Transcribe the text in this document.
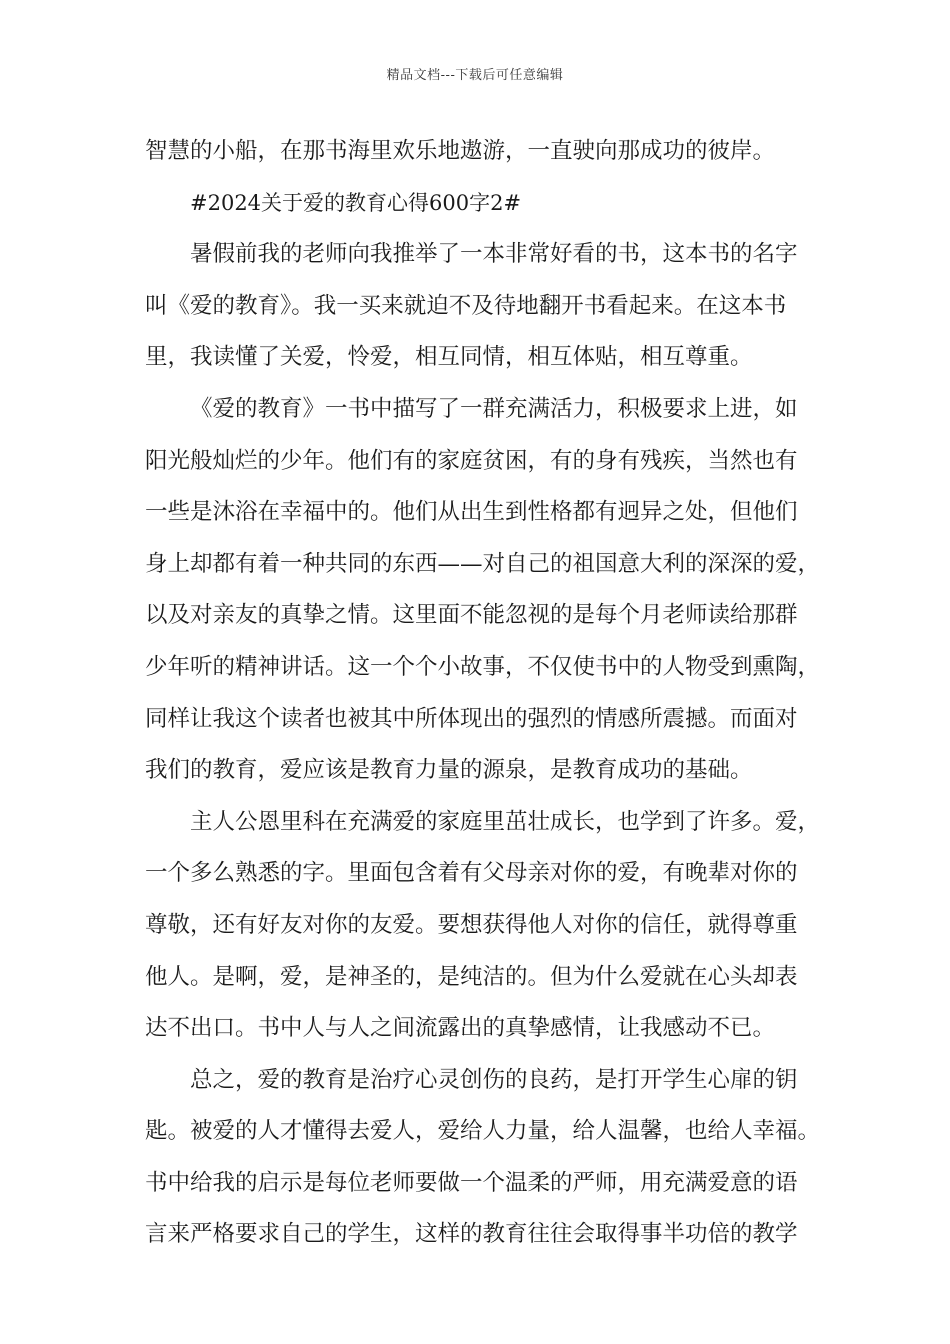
精品文档---下载后可任意编辑
智慧的小船，在那书海里欢乐地遨游，一直驶向那成功的彼岸。
#2024关于爱的教育心得600字2#
暑假前我的老师向我推举了一本非常好看的书，这本书的名字
叫《爱的教育》。我一买来就迫不及待地翻开书看起来。在这本书
里，我读懂了关爱，怜爱，相互同情，相互体贴，相互尊重。
《爱的教育》一书中描写了一群充满活力，积极要求上进，如
阳光般灿烂的少年。他们有的家庭贫困，有的身有残疾，当然也有
一些是沐浴在幸福中的。他们从出生到性格都有迥异之处，但他们
身上却都有着一种共同的东西——对自己的祖国意大利的深深的爱，
以及对亲友的真挚之情。这里面不能忽视的是每个月老师读给那群
少年听的精神讲话。这一个个小故事，不仅使书中的人物受到熏陶，
同样让我这个读者也被其中所体现出的强烈的情感所震撼。而面对
我们的教育，爱应该是教育力量的源泉，是教育成功的基础。
主人公恩里科在充满爱的家庭里茁壮成长，也学到了许多。爱，
一个多么熟悉的字。里面包含着有父母亲对你的爱，有晚辈对你的
尊敬，还有好友对你的友爱。要想获得他人对你的信任，就得尊重
他人。是啊，爱，是神圣的，是纯洁的。但为什么爱就在心头却表
达不出口。书中人与人之间流露出的真挚感情，让我感动不已。
总之，爱的教育是治疗心灵创伤的良药，是打开学生心扉的钥
匙。被爱的人才懂得去爱人，爱给人力量，给人温馨，也给人幸福。
书中给我的启示是每位老师要做一个温柔的严师，用充满爱意的语
言来严格要求自己的学生，这样的教育往往会取得事半功倍的教学
